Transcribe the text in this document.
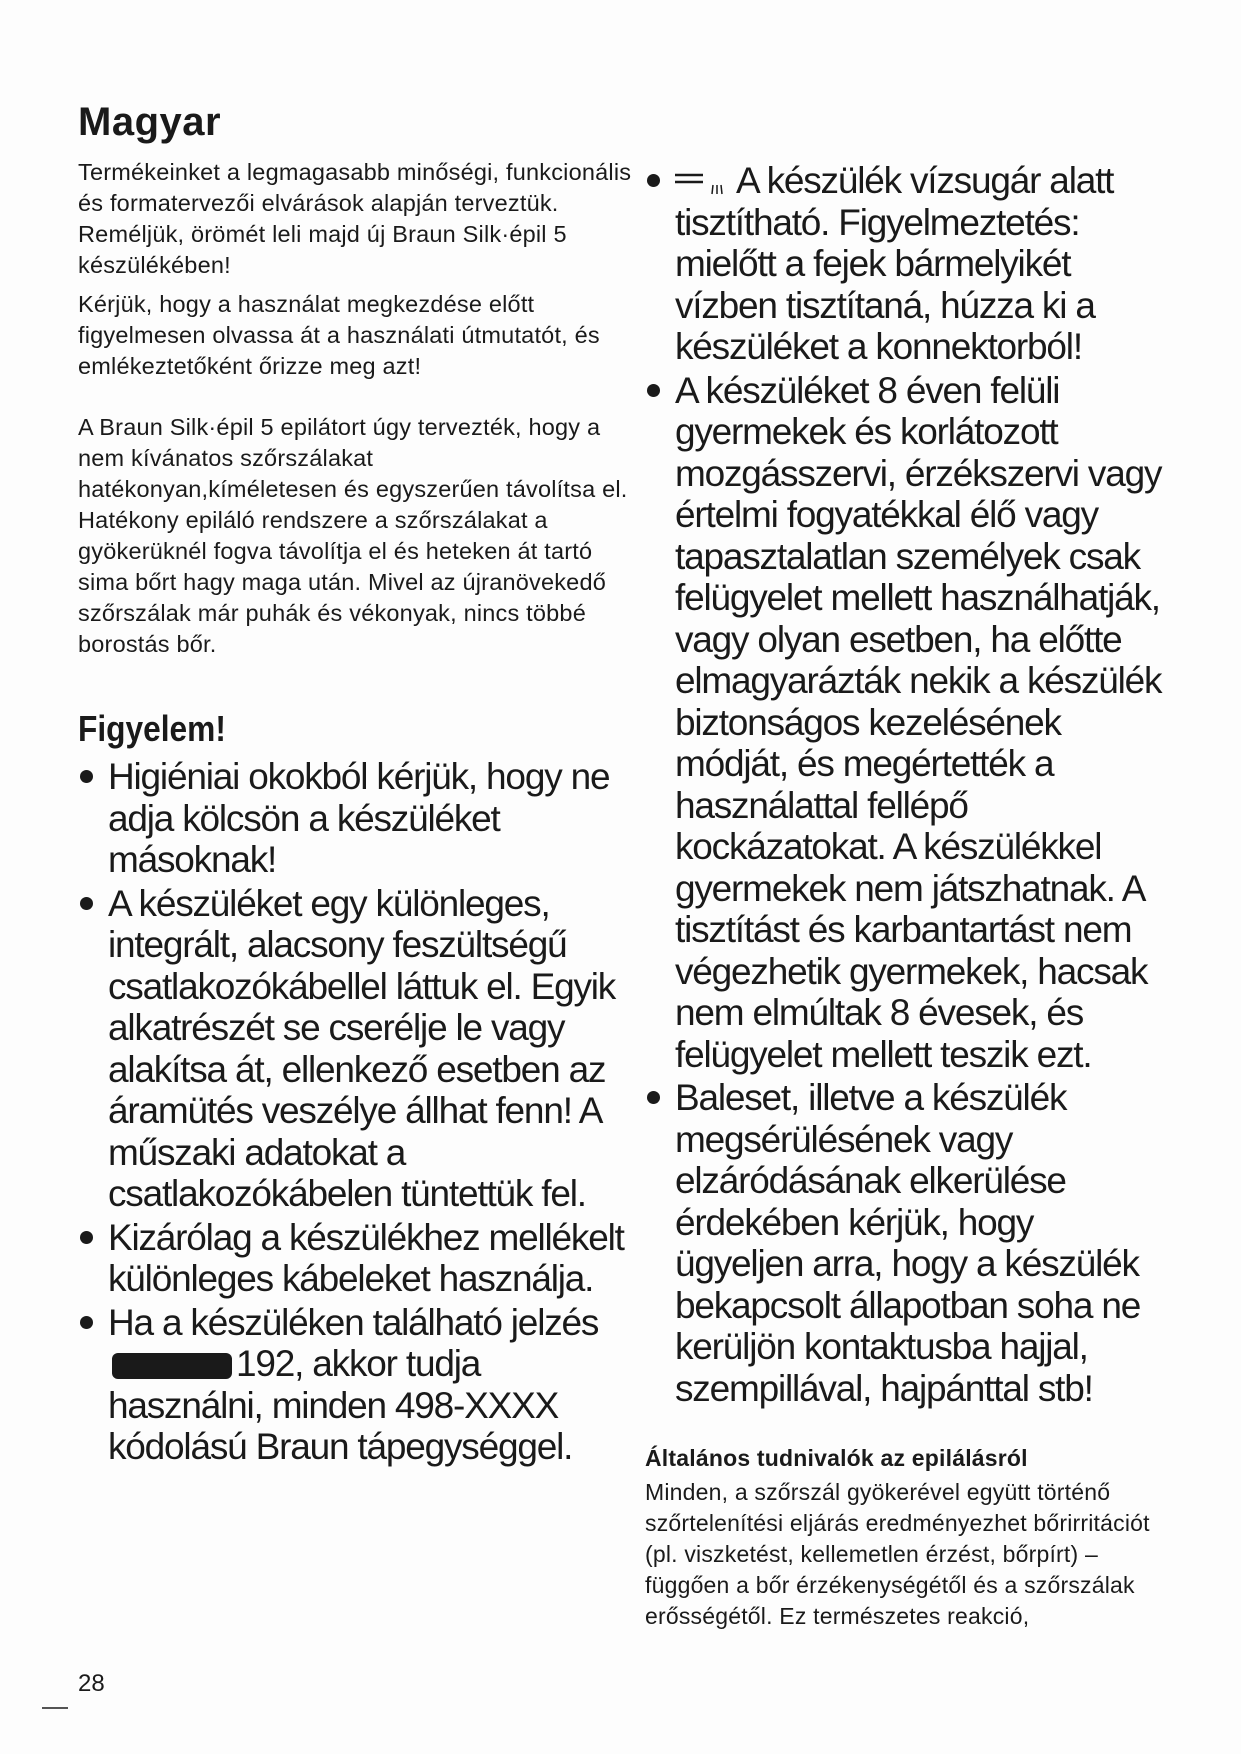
Magyar

Termékeinket a legmagasabb minőségi, funkcionális és formatervezői elvárások alapján terveztük. Reméljük, örömét leli majd új Braun Silk·épil 5 készülékében!

Kérjük, hogy a használat megkezdése előtt figyelmesen olvassa át a használati útmutatót, és emlékeztetőként őrizze meg azt!

A Braun Silk·épil 5 epilátort úgy tervezték, hogy a nem kívánatos szőrszálakat hatékonyan,kíméletesen és egyszerűen távolítsa el. Hatékony epiláló rendszere a szőrszálakat a gyökerüknél fogva távolítja el és heteken át tartó sima bőrt hagy maga után. Mivel az újranövekedő szőrszálak már puhák és vékonyak, nincs többé borostás bőr.

Figyelem!
Higiéniai okokból kérjük, hogy ne adja kölcsön a készüléket másoknak!
A készüléket egy különleges, integrált, alacsony feszültségű csatlakozókábellel láttuk el. Egyik alkatrészét se cserélje le vagy alakítsa át, ellenkező esetben az áramütés veszélye állhat fenn! A műszaki adatokat a csatlakozókábelen tüntettük fel.
Kizárólag a készülékhez mellékelt különleges kábeleket használja.
Ha a készüléken található jelzés 192, akkor tudja használni, minden 498-XXXX kódolású Braun tápegységgel.
A készülék vízsugár alatt tisztítható. Figyelmeztetés: mielőtt a fejek bármelyikét vízben tisztítaná, húzza ki a készüléket a konnektorból!
A készüléket 8 éven felüli gyermekek és korlátozott mozgásszervi, érzékszervi vagy értelmi fogyatékkal élő vagy tapasztalatlan személyek csak felügyelet mellett használhatják, vagy olyan esetben, ha előtte elmagyarázták nekik a készülék biztonságos kezelésének módját, és megértették a használattal fellépő kockázatokat. A készülékkel gyermekek nem játszhatnak. A tisztítást és karbantartást nem végezhetik gyermekek, hacsak nem elmúltak 8 évesek, és felügyelet mellett teszik ezt.
Baleset, illetve a készülék megsérülésének vagy elzáródásának elkerülése érdekében kérjük, hogy ügyeljen arra, hogy a készülék bekapcsolt állapotban soha ne kerüljön kontaktusba hajjal, szempillával, hajpánttal stb!
Általános tudnivalók az epilálásról

Minden, a szőrszál gyökerével együtt történő szőrtelenítési eljárás eredményezhet bőrirritációt (pl. viszketést, kellemetlen érzést, bőrpírt) – függően a bőr érzékenységétől és a szőrszálak erősségétől. Ez természetes reakció,

28
